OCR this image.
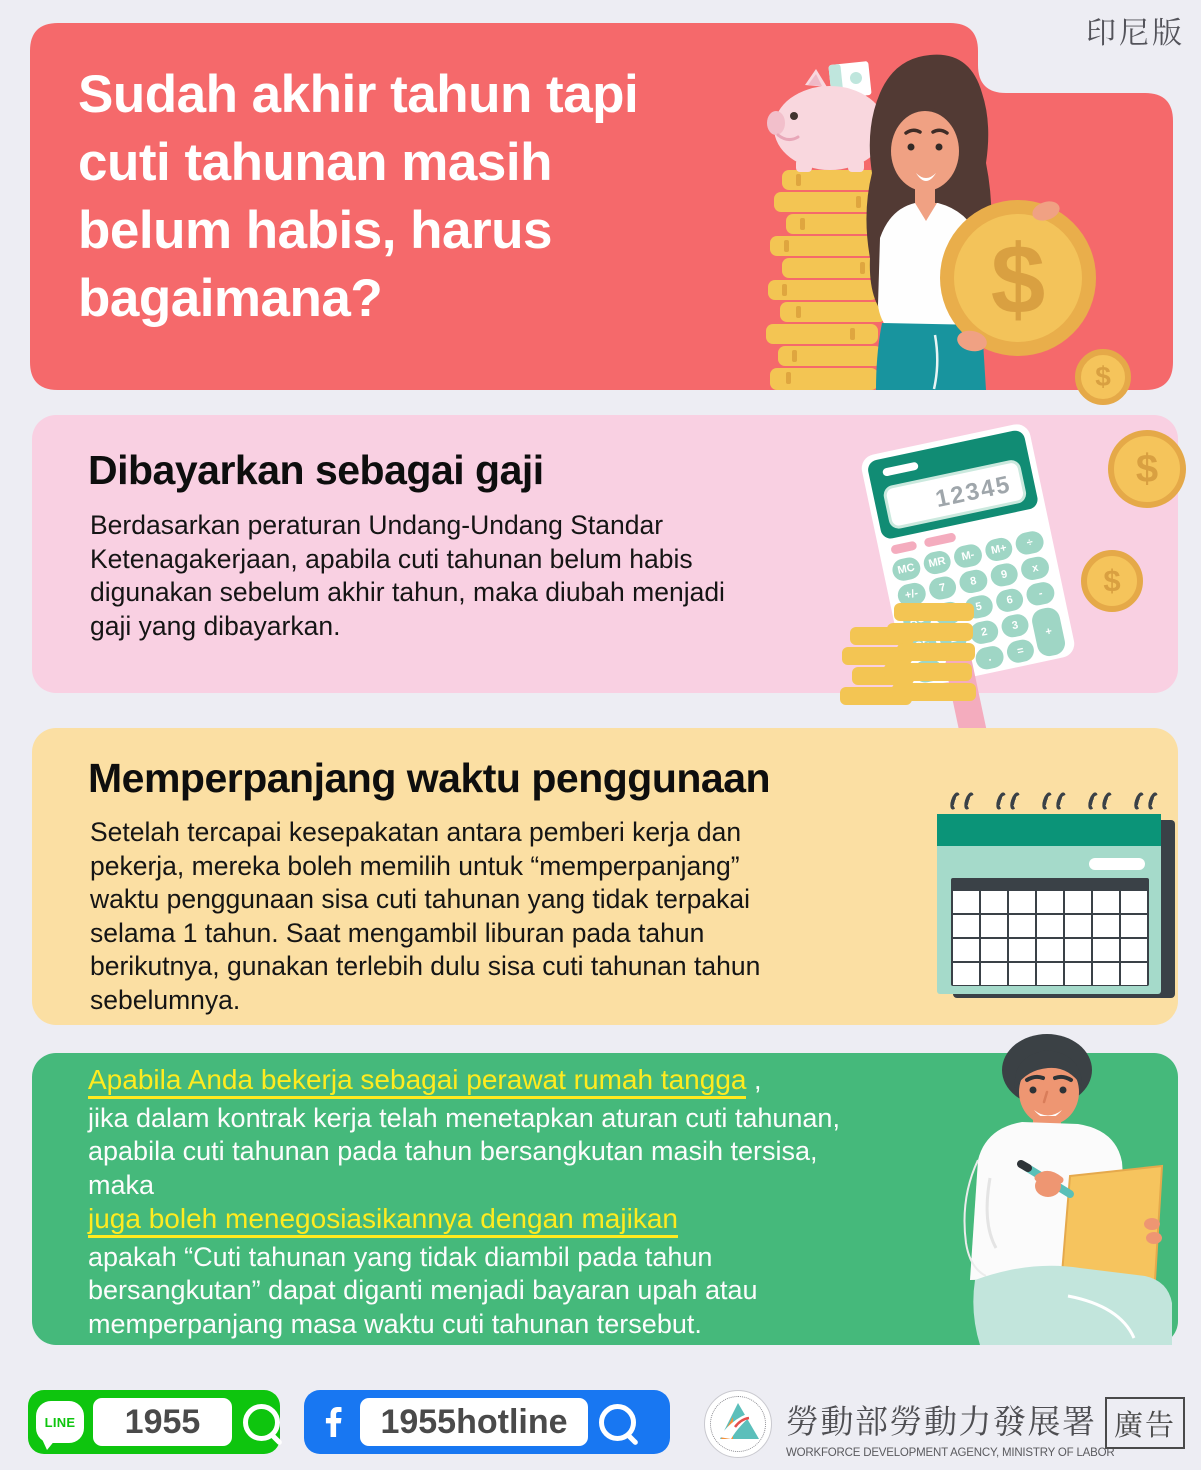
印尼版
Sudah akhir tahun tapi
cuti tahunan masih
belum habis, harus
bagaimana?	$
$
$
$
Dibayarkan sebagai gaji
Berdasarkan peraturan Undang-Undang Standar
Ketenagakerjaan, apabila cuti tahunan belum habis
digunakan sebelum akhir tahun, maka diubah menjadi
gaji yang dibayarkan.
12345
MC	MR	M-	M+	÷
+/-	7
8
9
x
5
6
-
2
3	+
.
=
Memperpanjang waktu penggunaan
Setelah tercapai kesepakatan antara pemberi kerja dan
pekerja, mereka boleh memilih untuk “memperpanjang”
waktu penggunaan sisa cuti tahunan yang tidak terpakai
selama 1 tahun. Saat mengambil liburan pada tahun
berikutnya, gunakan terlebih dulu sisa cuti tahunan tahun
sebelumnya.
Apabila Anda bekerja sebagai perawat rumah tangga ,
jika dalam kontrak kerja telah menetapkan aturan cuti tahunan,
apabila cuti tahunan pada tahun bersangkutan masih tersisa,
maka
juga boleh menegosiasikannya dengan majikan
apakah “Cuti tahunan yang tidak diambil pada tahun
bersangkutan” dapat diganti menjadi bayaran upah atau
memperpanjang masa waktu cuti tahunan tersebut.
LINE 1955	1955hotline	勞動部勞動力發展署
WORKFORCE DEVELOPMENT AGENCY, MINISTRY OF LABOR
廣告
